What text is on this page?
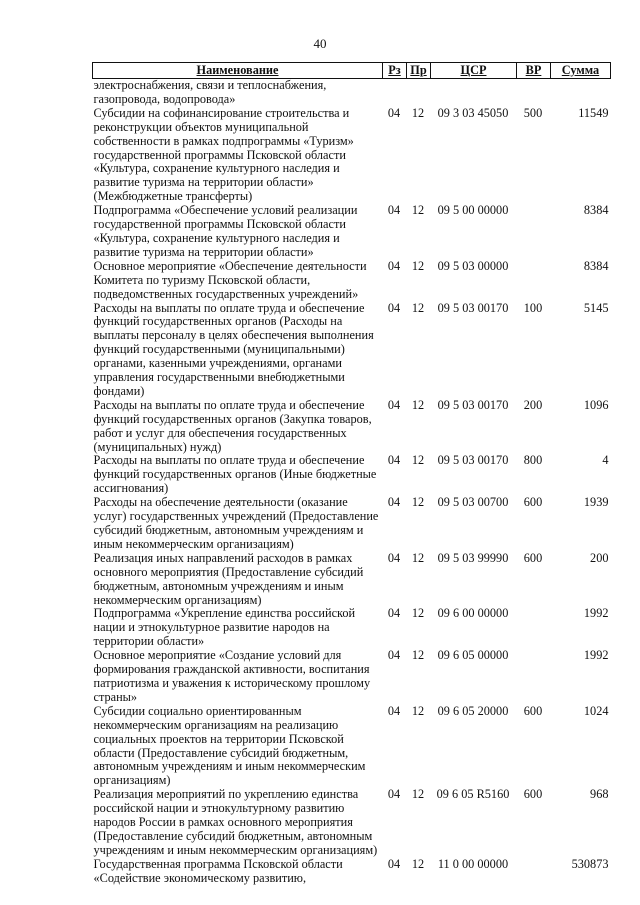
40
Наименование	Рз	Пр	ЦСР	ВР	Сумма
электроснабжения, связи и теплоснабжения, газопровода, водопровода»					
Субсидии на софинансирование строительства и реконструкции объектов муниципальной собственности в рамках подпрограммы «Туризм» государственной программы Псковской области «Культура, сохранение культурного наследия и развитие туризма на территории области» (Межбюджетные трансферты)	04	12	09 3 03 45050	500	11549
Подпрограмма «Обеспечение условий реализации государственной программы Псковской области «Культура, сохранение культурного наследия и развитие туризма на территории области»	04	12	09 5 00 00000		8384
Основное мероприятие «Обеспечение деятельности Комитета по туризму Псковской области, подведомственных государственных учреждений»	04	12	09 5 03 00000		8384
Расходы на выплаты по оплате труда и обеспечение функций государственных органов (Расходы на выплаты персоналу в целях обеспечения выполнения функций государственными (муниципальными) органами, казенными учреждениями, органами управления государственными внебюджетными фондами)	04	12	09 5 03 00170	100	5145
Расходы на выплаты по оплате труда и обеспечение функций государственных органов (Закупка товаров, работ и услуг для обеспечения государственных (муниципальных) нужд)	04	12	09 5 03 00170	200	1096
Расходы на выплаты по оплате труда и обеспечение функций государственных органов (Иные бюджетные ассигнования)	04	12	09 5 03 00170	800	4
Расходы на обеспечение деятельности (оказание услуг) государственных учреждений (Предоставление субсидий бюджетным, автономным учреждениям и иным некоммерческим организациям)	04	12	09 5 03 00700	600	1939
Реализация иных направлений расходов в рамках основного мероприятия (Предоставление субсидий бюджетным, автономным учреждениям и иным некоммерческим организациям)	04	12	09 5 03 99990	600	200
Подпрограмма «Укрепление единства российской нации и этнокультурное развитие народов на территории области»	04	12	09 6 00 00000		1992
Основное мероприятие «Создание условий для формирования гражданской активности, воспитания патриотизма и уважения к историческому прошлому страны»	04	12	09 6 05 00000		1992
Субсидии социально ориентированным некоммерческим организациям на реализацию социальных проектов на территории Псковской области (Предоставление субсидий бюджетным, автономным учреждениям и иным некоммерческим организациям)	04	12	09 6 05 20000	600	1024
Реализация мероприятий по укреплению единства российской нации и этнокультурному развитию народов России в рамках основного мероприятия (Предоставление субсидий бюджетным, автономным учреждениям и иным некоммерческим организациям)	04	12	09 6 05 R5160	600	968
Государственная программа Псковской области «Содействие экономическому развитию,	04	12	11 0 00 00000		530873
